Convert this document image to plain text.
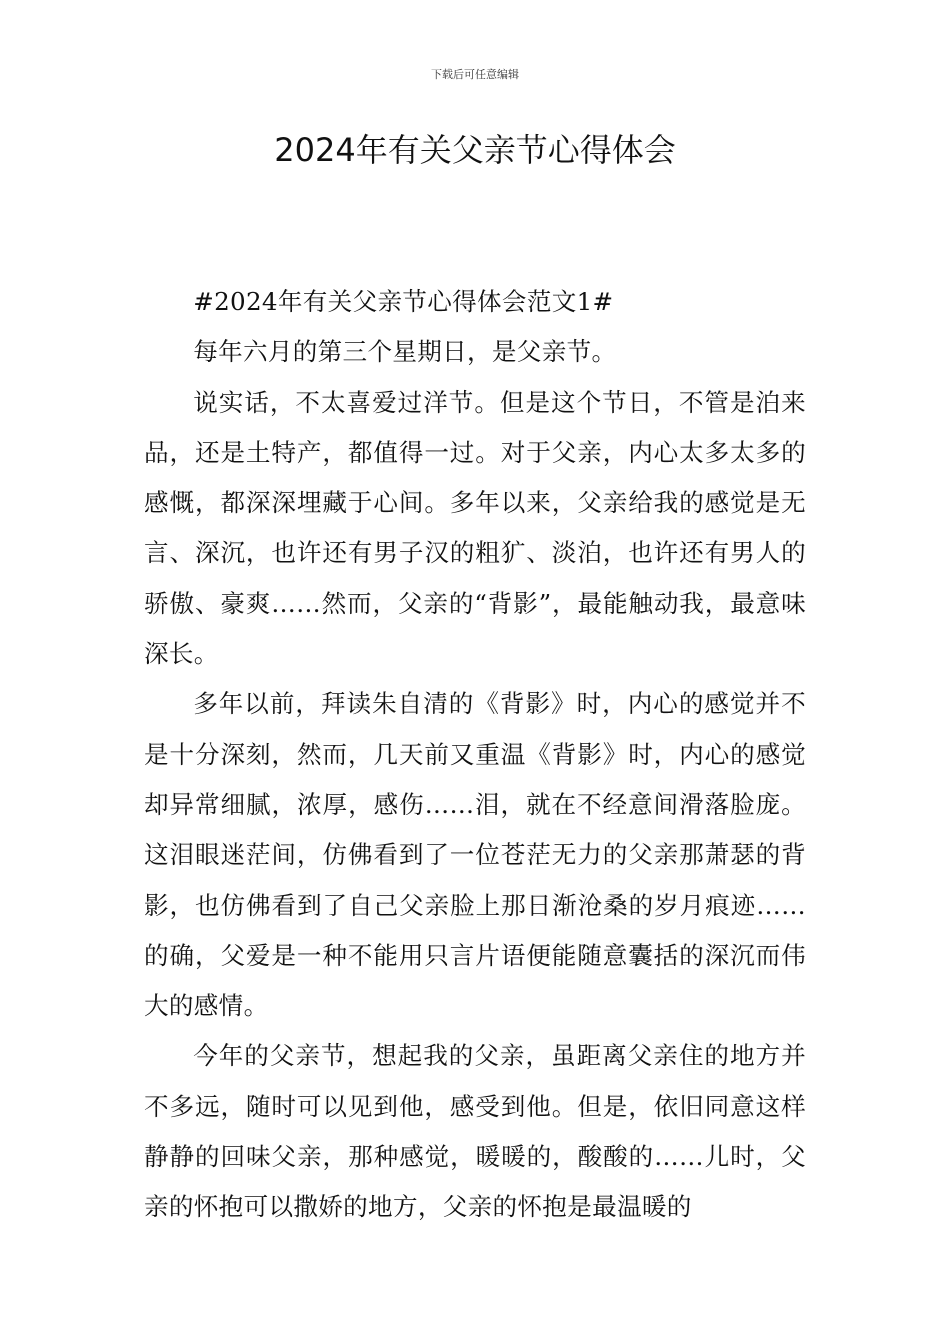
下载后可任意编辑
2024年有关父亲节心得体会

#2024年有关父亲节心得体会范文1#

每年六月的第三个星期日，是父亲节。

说实话，不太喜爱过洋节。但是这个节日，不管是泊来品，还是土特产，都值得一过。对于父亲，内心太多太多的感慨，都深深埋藏于心间。多年以来，父亲给我的感觉是无言、深沉，也许还有男子汉的粗犷、淡泊，也许还有男人的骄傲、豪爽……然而，父亲的“背影”，最能触动我，最意味深长。

多年以前，拜读朱自清的《背影》时，内心的感觉并不是十分深刻，然而，几天前又重温《背影》时，内心的感觉却异常细腻，浓厚，感伤……泪，就在不经意间滑落脸庞。这泪眼迷茫间，仿佛看到了一位苍茫无力的父亲那萧瑟的背影，也仿佛看到了自己父亲脸上那日渐沧桑的岁月痕迹……的确，父爱是一种不能用只言片语便能随意囊括的深沉而伟大的感情。

今年的父亲节，想起我的父亲，虽距离父亲住的地方并不多远，随时可以见到他，感受到他。但是，依旧同意这样静静的回味父亲，那种感觉，暖暖的，酸酸的……儿时，父亲的怀抱可以撒娇的地方，父亲的怀抱是最温暖的
